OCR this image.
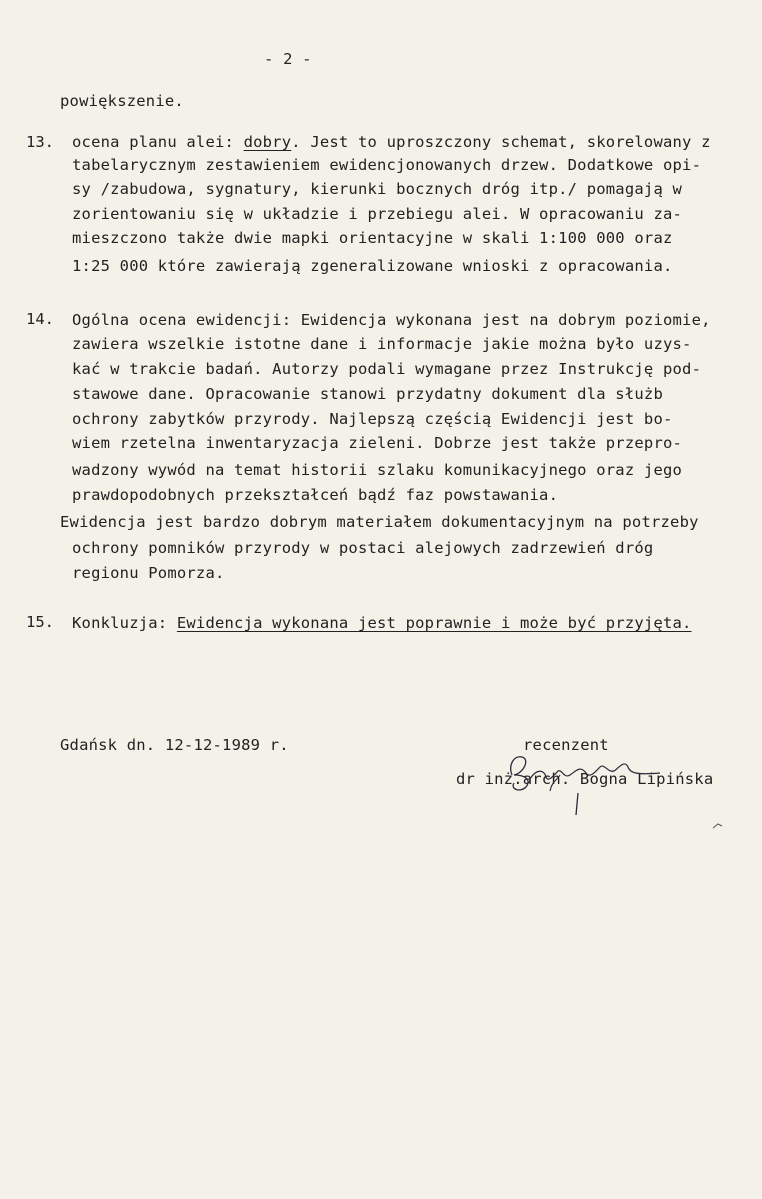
- 2 -
powiększenie.
13. ocena planu alei: dobry. Jest to uproszczony schemat, skorelowany z
tabelarycznym zestawieniem ewidencjonowanych drzew. Dodatkowe opi-
sy /zabudowa, sygnatury, kierunki bocznych dróg itp./ pomagają w
zorientowaniu się w układzie i przebiegu alei. W opracowaniu za-
mieszczono także dwie mapki orientacyjne w skali 1:100 000 oraz
1:25 000 które zawierają zgeneralizowane wnioski z opracowania.
14. Ogólna ocena ewidencji: Ewidencja wykonana jest na dobrym poziomie,
zawiera wszelkie istotne dane i informacje jakie można było uzys-
kać w trakcie badań. Autorzy podali wymagane przez Instrukcję pod-
stawowe dane. Opracowanie stanowi przydatny dokument dla służb
ochrony zabytków przyrody. Najlepszą częścią Ewidencji jest bo-
wiem rzetelna inwentaryzacja zieleni. Dobrze jest także przepro-
wadzony wywód na temat historii szlaku komunikacyjnego oraz jego
prawdopodobnych przekształceń bądź faz powstawania.
Ewidencja jest bardzo dobrym materiałem dokumentacyjnym na potrzeby
ochrony pomników przyrody w postaci alejowych zadrzewień dróg
regionu Pomorza.
15. Konkluzja: Ewidencja wykonana jest poprawnie i może być przyjęta.
Gdańsk dn. 12-12-1989 r.	recenzent
dr inż.arch. Bogna Lipińska
